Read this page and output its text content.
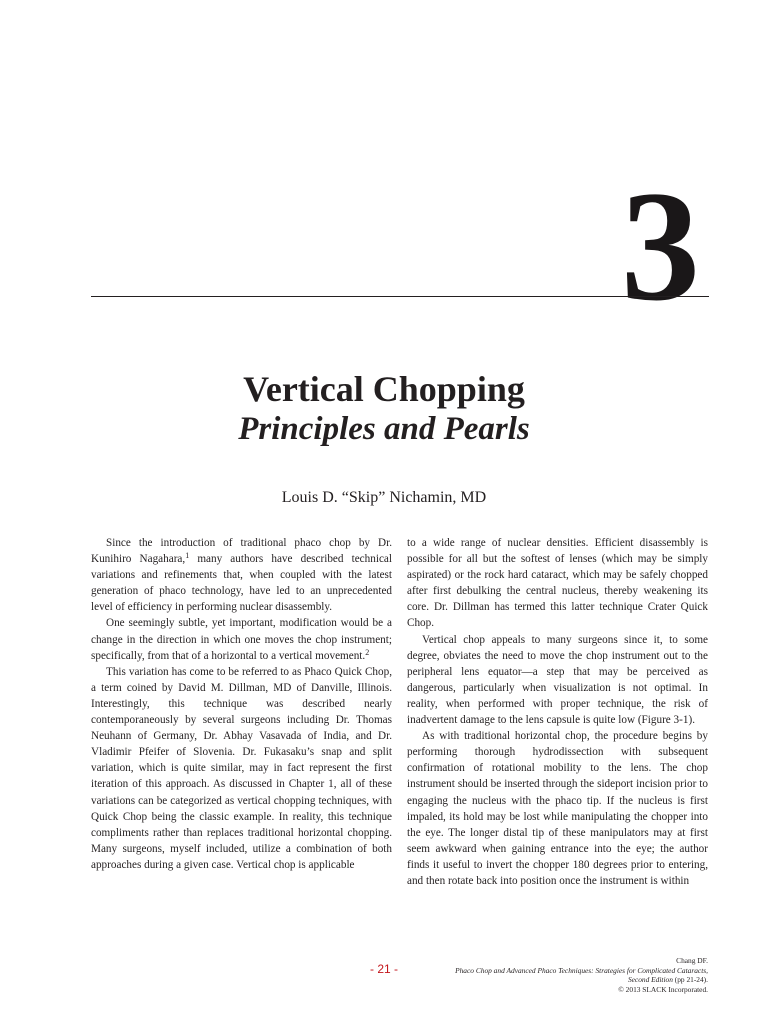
3
Vertical Chopping
Principles and Pearls
Louis D. “Skip” Nichamin, MD

Since the introduction of traditional phaco chop by Dr. Kunihiro Nagahara,$^1$ many authors have described technical variations and refinements that, when coupled with the latest generation of phaco technology, have led to an unprecedented level of efficiency in performing nuclear disassembly.

One seemingly subtle, yet important, modification would be a change in the direction in which one moves the chop instrument; specifically, from that of a horizontal to a vertical movement.$^2$

This variation has come to be referred to as Phaco Quick Chop, a term coined by David M. Dillman, MD of Danville, Illinois. Interestingly, this technique was described nearly contemporaneously by several surgeons including Dr. Thomas Neuhann of Germany, Dr. Abhay Vasavada of India, and Dr. Vladimir Pfeifer of Slovenia. Dr. Fukasaku’s snap and split variation, which is quite similar, may in fact represent the first iteration of this approach. As discussed in Chapter 1, all of these variations can be categorized as vertical chopping techniques, with Quick Chop being the classic example. In reality, this technique compliments rather than replaces traditional horizontal chopping. Many surgeons, myself included, utilize a combination of both approaches during a given case. Vertical chop is applicable

to a wide range of nuclear densities. Efficient disassembly is possible for all but the softest of lenses (which may be simply aspirated) or the rock hard cataract, which may be safely chopped after first debulking the central nucleus, thereby weakening its core. Dr. Dillman has termed this latter technique Crater Quick Chop.

Vertical chop appeals to many surgeons since it, to some degree, obviates the need to move the chop instrument out to the peripheral lens equator—a step that may be perceived as dangerous, particularly when visualization is not optimal. In reality, when performed with proper technique, the risk of inadvertent damage to the lens capsule is quite low (Figure 3-1).

As with traditional horizontal chop, the procedure begins by performing thorough hydrodissection with subsequent confirmation of rotational mobility to the lens. The chop instrument should be inserted through the sideport incision prior to engaging the nucleus with the phaco tip. If the nucleus is first impaled, its hold may be lost while manipulating the chopper into the eye. The longer distal tip of these manipulators may at first seem awkward when gaining entrance into the eye; the author finds it useful to invert the chopper 180 degrees prior to entering, and then rotate back into position once the instrument is within

- 21 -
Chang DF.
Phaco Chop and Advanced Phaco Techniques: Strategies for Complicated Cataracts, Second Edition (pp 21-24).
© 2013 SLACK Incorporated.
